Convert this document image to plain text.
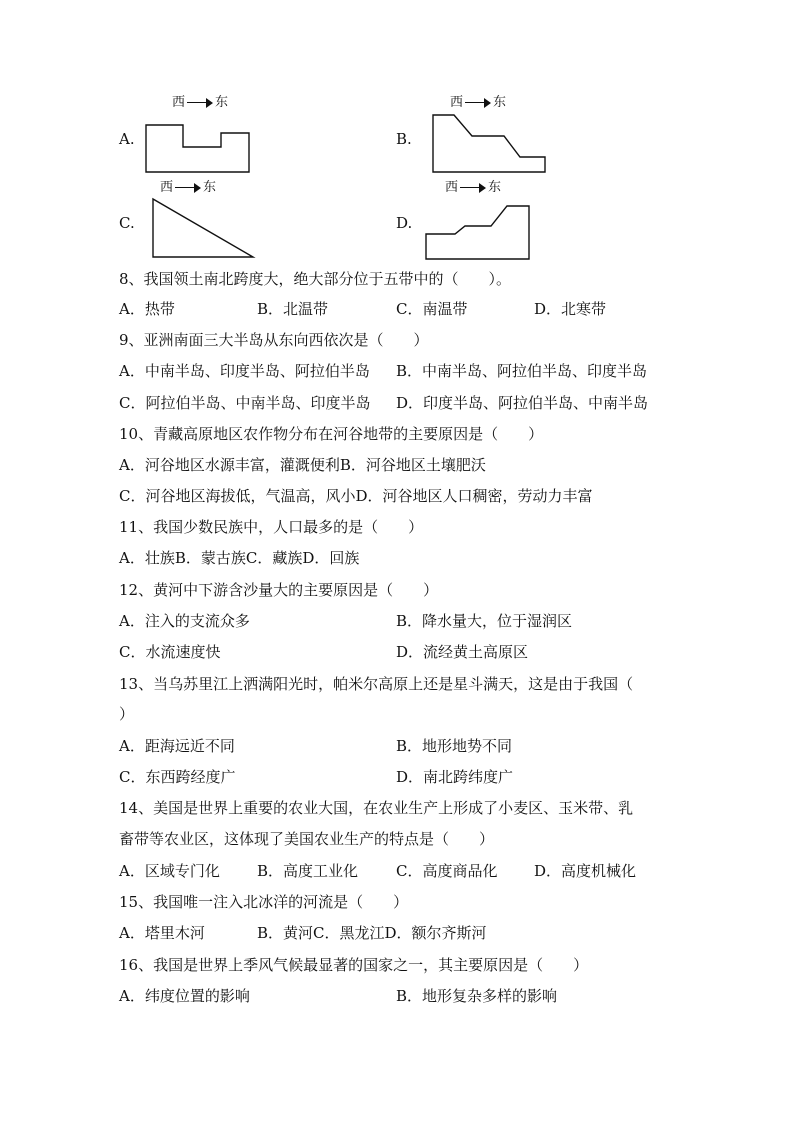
西 东
A.
西 东
B.
西 东
C.
西 东
D.
8、我国领土南北跨度大，绝大部分位于五带中的（　　）。
A．热带	B．北温带	C．南温带	D．北寒带
9、亚洲南面三大半岛从东向西依次是（　　）
A．中南半岛、印度半岛、阿拉伯半岛 B．中南半岛、阿拉伯半岛、印度半岛
C．阿拉伯半岛、中南半岛、印度半岛 D．印度半岛、阿拉伯半岛、中南半岛
10、青藏高原地区农作物分布在河谷地带的主要原因是（　　）
A．河谷地区水源丰富，灌溉便利B．河谷地区土壤肥沃
C．河谷地区海拔低，气温高，风小D．河谷地区人口稠密，劳动力丰富
11、我国少数民族中，人口最多的是（　　）
A．壮族B．蒙古族C．藏族D．回族
12、黄河中下游含沙量大的主要原因是（　　）
A．注入的支流众多	B．降水量大，位于湿润区
C．水流速度快	D．流经黄土高原区
13、当乌苏里江上洒满阳光时，帕米尔高原上还是星斗满天，这是由于我国（
）
A．距海远近不同	B．地形地势不同
C．东西跨经度广	D．南北跨纬度广
14、美国是世界上重要的农业大国，在农业生产上形成了小麦区、玉米带、乳
畜带等农业区，这体现了美国农业生产的特点是（　　）
A．区域专门化 B．高度工业化	C．高度商品化 D．高度机械化
15、我国唯一注入北冰洋的河流是（　　）
A．塔里木河	B．黄河C．黑龙江D．额尔齐斯河
16、我国是世界上季风气候最显著的国家之一，其主要原因是（　　）
A．纬度位置的影响	B．地形复杂多样的影响
